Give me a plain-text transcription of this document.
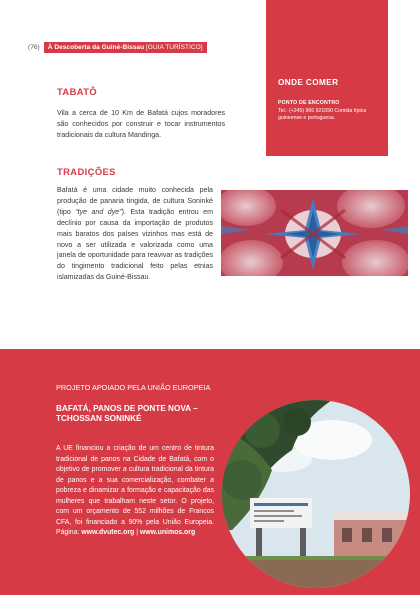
(76)	À Descoberta da Guiné-Bissau [GUIA TURÍSTICO]
ONDE COMER
PONTO DE ENCONTRO
Tel.: (+245) 966 921690 Comida típica guineense e portuguesa.
TABATÔ
Vila a cerca de 10 Km de Bafatá cujos moradores são conhecidos por construir e tocar instrumentos tradicionais da cultura Mandinga.
TRADIÇÕES
Bafatá é uma cidade muito conhecida pela produção de panaria tingida, de cultura Soninké (tipo “tye and dye”). Esta tradição entrou em declínio por causa da importação de produtos mais baratos dos países vizinhos mas está de novo a ser utilizada e valorizada como uma janela de oportunidade para reavivar as tradições do tingimento tradicional feito pelas etnias islamizadas da Guiné-Bissau.
PROJETO APOIADO PELA UNIÃO EUROPEIA
BAFATÁ, PANOS DE PONTE NOVA – TCHOSSAN SONINKÉ
A UE financiou a criação de um centro de tintura tradicional de panos na Cidade de Bafatá, com o objetivo de promover a cultura tradicional da tintura de panos e a sua comercialização, combater a pobreza e dinamizar a formação e capacitação das mulheres que trabalham neste setor. O projeto, com um orçamento de 552 milhões de Francos CFA, foi financiado a 90% pela União Europeia. Página: www.dvutec.org | www.unimos.org
